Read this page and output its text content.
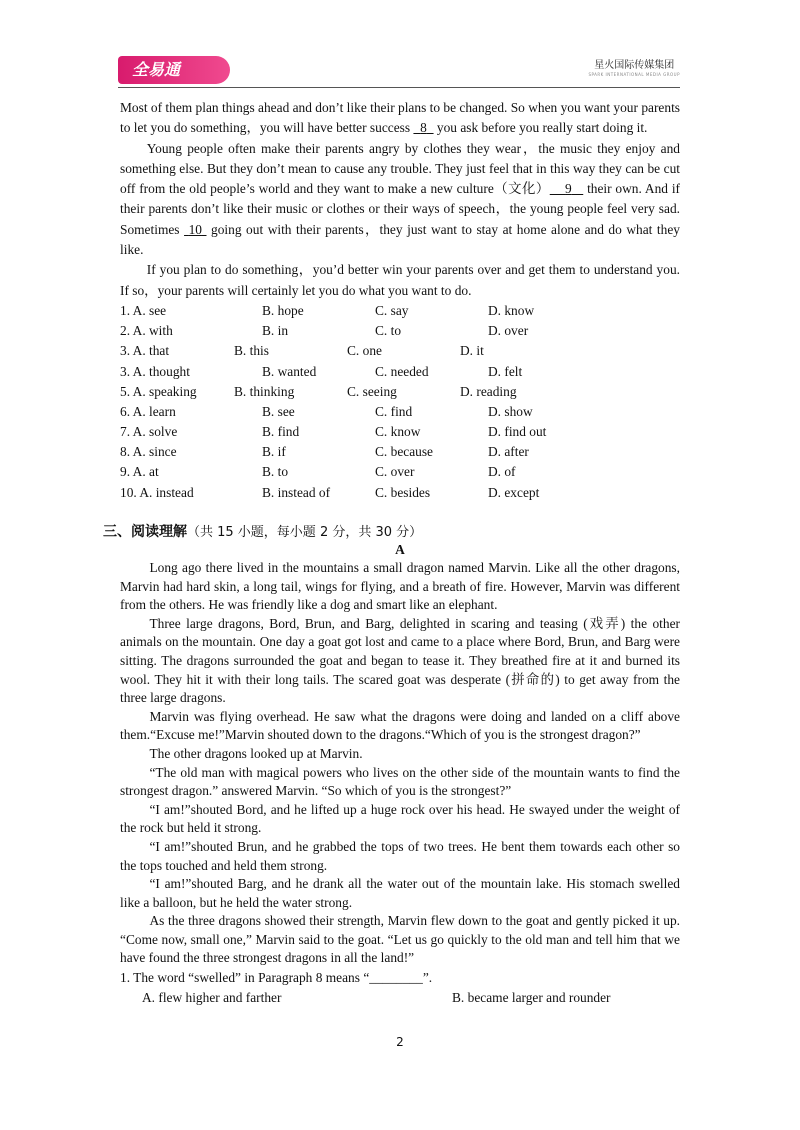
全易通	星火国际传媒集团
SPARK INTERNATIONAL MEDIA GROUP

Most of them plan things ahead and don’t like their plans to be changed. So when you want your parents to let you do something，you will have better success 8 you ask before you really start doing it.

Young people often make their parents angry by clothes they wear，the music they enjoy and something else. But they don’t mean to cause any trouble. They just feel that in this way they can be cut off from the old people’s world and they want to make a new culture（文化） 9 their own. And if their parents don’t like their music or clothes or their ways of speech，the young people feel very sad. Sometimes 10 going out with their parents，they just want to stay at home alone and do what they like.

If you plan to do something，you’d better win your parents over and get them to understand you. If so，your parents will certainly let you do what you want to do.

1. A. see	B. hope	C. say	D. know
2. A. with	B. in	C. to	D. over
3. A. that	B. this	C. one	D. it
3. A. thought	B. wanted	C. needed	D. felt
5. A. speaking	B. thinking	C. seeing	D. reading
6. A. learn	B. see	C. find	D. show
7. A. solve	B. find	C. know	D. find out
8. A. since	B. if	C. because	D. after
9. A. at	B. to	C. over	D. of
10. A. instead	B. instead of	C. besides	D. except
三、阅读理解（共 15 小题，每小题 2 分，共 30 分）
A

Long ago there lived in the mountains a small dragon named Marvin. Like all the other dragons, Marvin had hard skin, a long tail, wings for flying, and a breath of fire. However, Marvin was different from the others. He was friendly like a dog and smart like an elephant.

Three large dragons, Bord, Brun, and Barg, delighted in scaring and teasing (戏弄) the other animals on the mountain. One day a goat got lost and came to a place where Bord, Brun, and Barg were sitting. The dragons surrounded the goat and began to tease it. They breathed fire at it and burned its wool. They hit it with their long tails. The scared goat was desperate (拼命的) to get away from the three large dragons.

Marvin was flying overhead. He saw what the dragons were doing and landed on a cliff above them.“Excuse me!”Marvin shouted down to the dragons.“Which of you is the strongest dragon?”

The other dragons looked up at Marvin.

“The old man with magical powers who lives on the other side of the mountain wants to find the strongest dragon.” answered Marvin. “So which of you is the strongest?”

“I am!”shouted Bord, and he lifted up a huge rock over his head. He swayed under the weight of the rock but held it strong.

“I am!”shouted Brun, and he grabbed the tops of two trees. He bent them towards each other so the tops touched and held them strong.

“I am!”shouted Barg, and he drank all the water out of the mountain lake. His stomach swelled like a balloon, but he held the water strong.

As the three dragons showed their strength, Marvin flew down to the goat and gently picked it up. “Come now, small one,” Marvin said to the goat. “Let us go quickly to the old man and tell him that we have found the three strongest dragons in all the land!”

1. The word “swelled” in Paragraph 8 means “________”.

A. flew higher and farther	B. became larger and rounder
2
